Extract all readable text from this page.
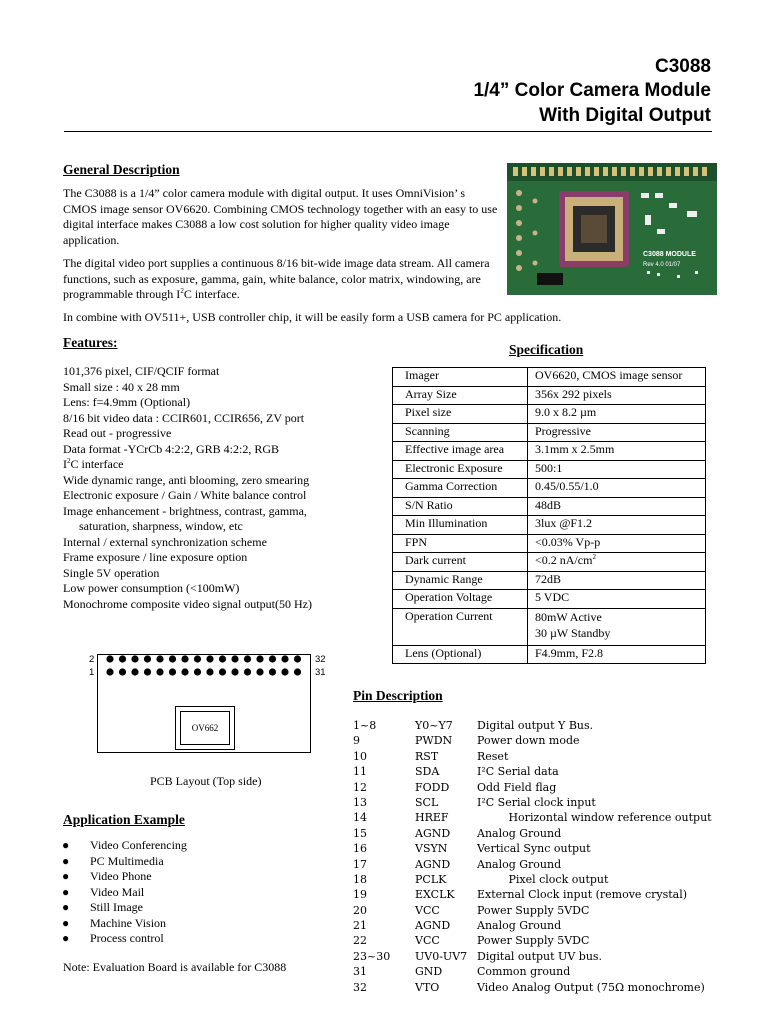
C3088
1/4” Color Camera Module
With Digital Output
General Description

The C3088 is a 1/4” color camera module with digital output. It uses OmniVision’ s CMOS image sensor OV6620. Combining CMOS technology together with an easy to use digital interface makes C3088 a low cost solution for higher quality video image application.

The digital video port supplies a continuous 8/16 bit-wide image data stream. All camera functions, such as exposure, gamma, gain, white balance, color matrix, windowing, are programmable through $I^2C$ interface.

In combine with OV511+, USB controller chip, it will be easily form a USB camera for PC application.

C3088 MODULE
Rev 4.0 01/07
Features:
101,376 pixel, CIF/QCIF format
Small size : 40 x 28 mm
Lens: f=4.9mm (Optional)
8/16 bit video data : CCIR601, CCIR656, ZV port
Read out - progressive
Data format -YCrCb 4:2:2, GRB 4:2:2, RGB
$I^2C$ interface
Wide dynamic range, anti blooming, zero smearing
Electronic exposure / Gain / White balance control
Image enhancement - brightness, contrast, gamma,
saturation, sharpness, window, etc
Internal / external synchronization scheme
Frame exposure / line exposure option
Single 5V operation
Low power consumption (<100mW)
Monochrome composite video signal output(50 Hz)
Specification
Imager	OV6620, CMOS image sensor
Array Size	356x 292 pixels
Pixel size	9.0 x 8.2 µm
Scanning	Progressive
Effective image area	3.1mm x 2.5mm
Electronic Exposure	500:1
Gamma Correction	0.45/0.55/1.0
S/N Ratio	48dB
Min Illumination	3lux @F1.2
FPN	<0.03% Vp-p
Dark current	<0.2 $nA/cm^2$
Dynamic Range	72dB
Operation Voltage	5 VDC
Operation Current	80mW Active
30 µW Standby

Lens (Optional)	F4.9mm, F2.8
2
1
32
31
OV662
PCB Layout (Top side)
Pin Description
1~8	Y0~Y7 Digital output Y Bus.
9	PWDN Power down mode
10	RST	Reset
11	SDA	I²C Serial data
12	FODD	Odd Field flag
13	SCL	I²C Serial clock input
14	HREF	Horizontal window reference output
15	AGND Analog Ground
16	VSYN	Vertical Sync output
17	AGND Analog Ground
18	PCLK	Pixel clock output
19	EXCLK External Clock input (remove crystal)
20	VCC	Power Supply 5VDC
21	AGND Analog Ground
22	VCC	Power Supply 5VDC
23~30 UV0-UV7 Digital output UV bus.
31	GND	Common ground
32	VTO	Video Analog Output (75Ω monochrome)
Application Example
● Video Conferencing
● PC Multimedia
● Video Phone
● Video Mail
● Still Image
● Machine Vision
● Process control
Note: Evaluation Board is available for C3088
